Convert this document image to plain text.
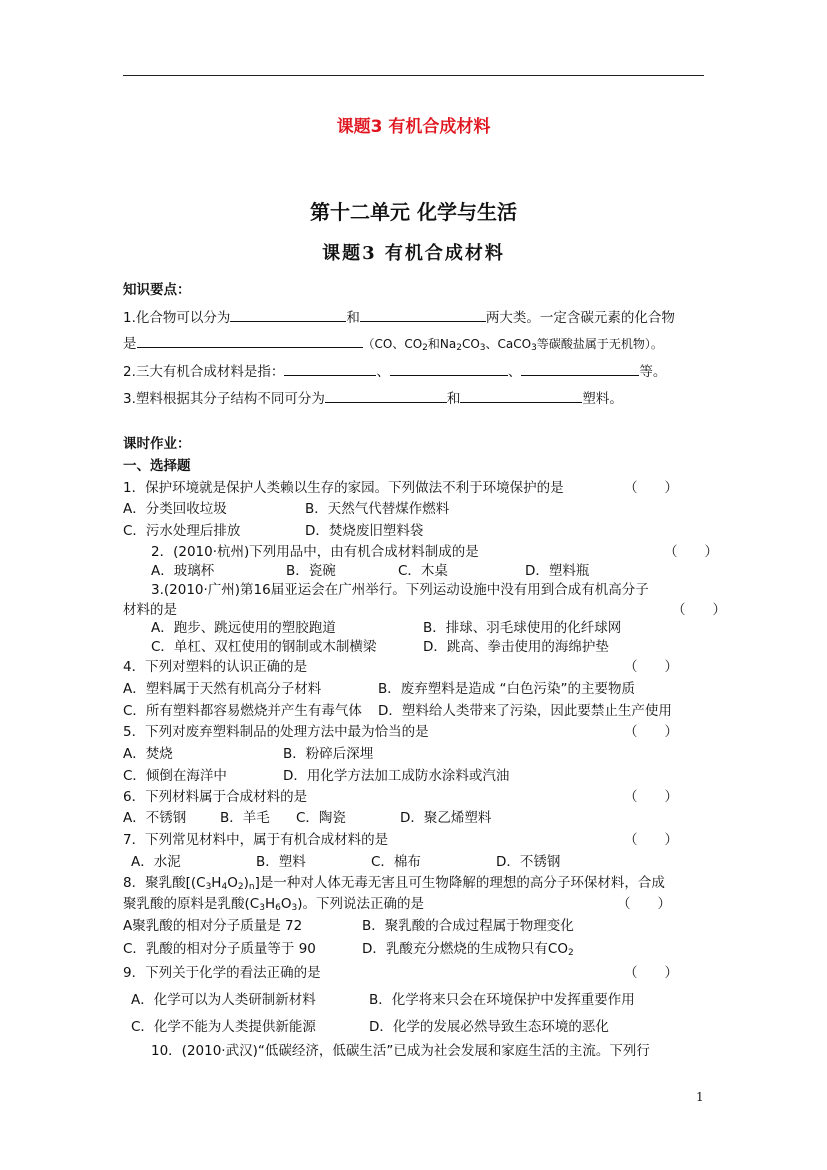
课题3 有机合成材料
第十二单元 化学与生活
课题3 有机合成材料
知识要点：
1.化合物可以分为	和	两大类。一定含碳元素的化合物
是	（CO、$CO_2$和$Na_2CO_3$、CaCO$_3$等碳酸盐属于无机物）。
2.三大有机合成材料是指：	、	、	等。
3.塑料根据其分子结构不同可分为	和	塑料。
课时作业：
一、选择题
1．保护环境就是保护人类赖以生存的家园。下列做法不利于环境保护的是	（　　）
A．分类回收垃圾	B．天然气代替煤作燃料
C．污水处理后排放	D．焚烧废旧塑料袋
2．(2010·杭州)下列用品中，由有机合成材料制成的是	（　　）
A．玻璃杯	B．瓷碗	C．木桌	D．塑料瓶
3.(2010·广州)第16届亚运会在广州举行。下列运动设施中没有用到合成有机高分子
材料的是	（　　）
A．跑步、跳远使用的塑胶跑道	B．排球、羽毛球使用的化纤球网
C．单杠、双杠使用的钢制或木制横梁	D．跳高、拳击使用的海绵护垫
4．下列对塑料的认识正确的是	（　　）
A．塑料属于天然有机高分子材料	B．废弃塑料是造成 “白色污染”的主要物质
C．所有塑料都容易燃烧并产生有毒气体 D．塑料给人类带来了污染，因此要禁止生产使用
5．下列对废弃塑料制品的处理方法中最为恰当的是	（　　）
A．焚烧	B．粉碎后深埋
C．倾倒在海洋中	D．用化学方法加工成防水涂料或汽油
6．下列材料属于合成材料的是	（　　）
A．不锈钢	B．羊毛 C．陶瓷	D．聚乙烯塑料
7．下列常见材料中，属于有机合成材料的是	（　　）
A．水泥	B．塑料	C．棉布	D．不锈钢
8．聚乳酸$[(C_3H_4O_2)_n]$是一种对人体无毒无害且可生物降解的理想的高分子环保材料，合成
聚乳酸的原料是乳酸$(C_3H_6O_3)$。下列说法正确的是	（　　）
A聚乳酸的相对分子质量是 72	B．聚乳酸的合成过程属于物理变化
C．乳酸的相对分子质量等于 90	D．乳酸充分燃烧的生成物只有$CO_2$
9．下列关于化学的看法正确的是	（　　）
A．化学可以为人类研制新材料	B．化学将来只会在环境保护中发挥重要作用
C．化学不能为人类提供新能源	D．化学的发展必然导致生态环境的恶化
10．(2010·武汉)“低碳经济，低碳生活”已成为社会发展和家庭生活的主流。下列行
1
